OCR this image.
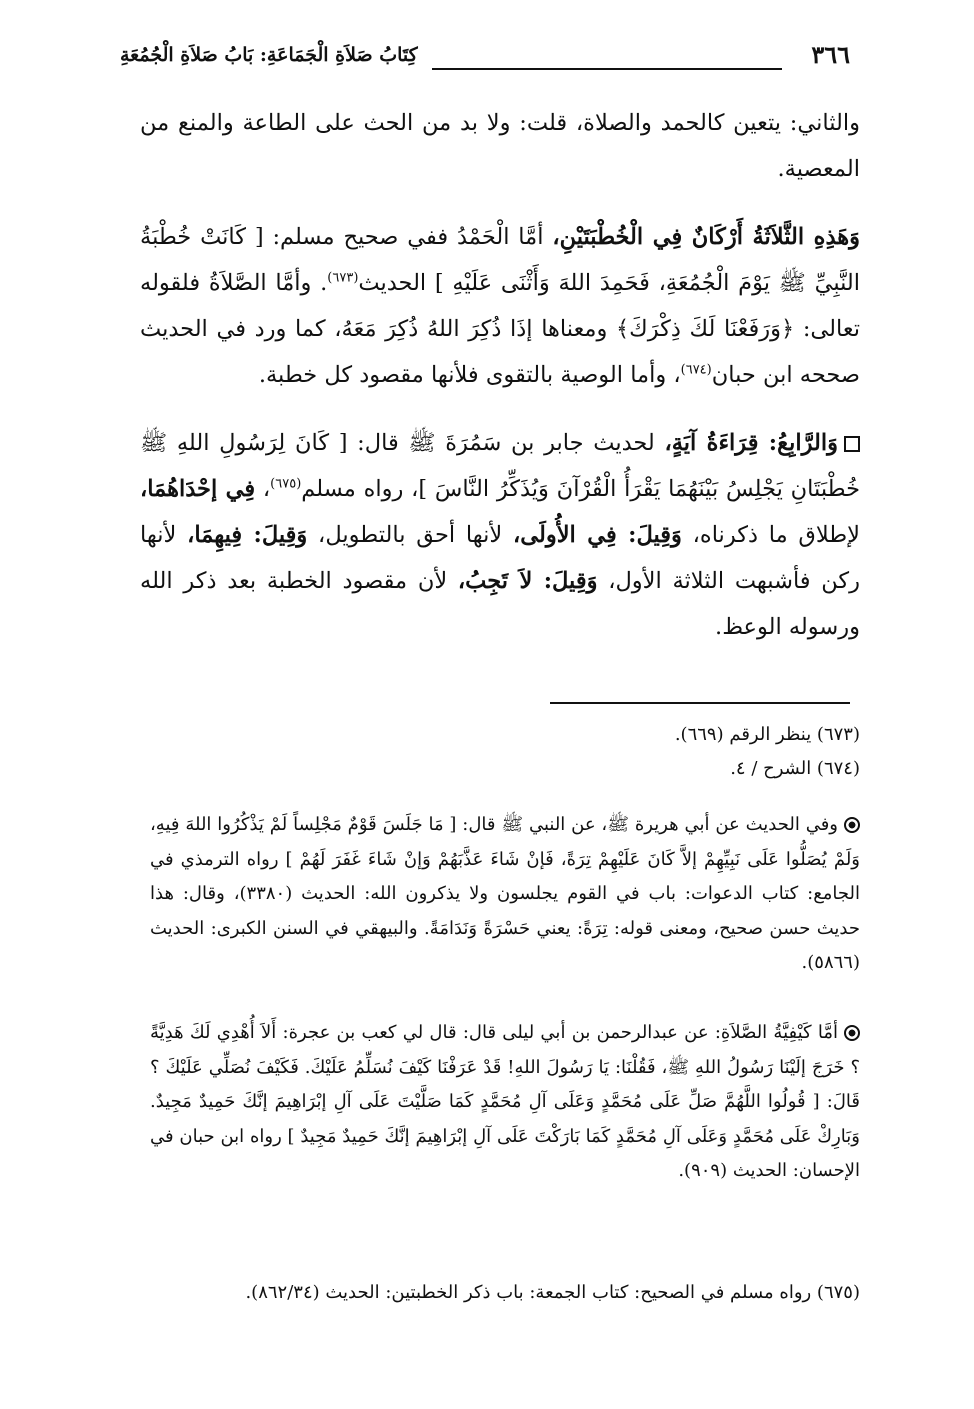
٣٦٦
كِتَابُ صَلاَةِ الْجَمَاعَةِ: بَابُ صَلاَةِ الْجُمُعَةِ

والثاني: يتعين كالحمد والصلاة، قلت: ولا بد من الحث على الطاعة والمنع من المعصية.

وَهَذِهِ الثَّلاَثَةُ أَرْكَانٌ فِي الْخُطْبَتَيْنِ، أمَّا الْحَمْدُ ففي صحيح مسلم: [ كَانَتْ خُطْبَةُ النَّبِيِّ ﷺ يَوْمَ الْجُمُعَةِ، فَحَمِدَ اللهَ وَأَثْنَى عَلَيْهِ ] الحديث$^{(٦٧٣)}$. وأمَّا الصَّلاَةُ فلقوله تعالى: ﴿وَرَفَعْنَا لَكَ ذِكْرَكَ﴾ ومعناها إذَا ذُكِرَ اللهُ ذُكِرَ مَعَهُ، كما ورد في الحديث صححه ابن حبان$^{(٦٧٤)}$، وأما الوصية بالتقوى فلأنها مقصود كل خطبة.

وَالرَّابِعُ: قِرَاءَةُ آيَةٍ، لحديث جابر بن سَمُرَةَ ﷺ قال: [ كَانَ لِرَسُولِ اللهِ ﷺ خُطْبَتَانِ يَجْلِسُ بَيْنَهُمَا يَقْرَأُ الْقُرْآنَ وَيُذَكِّرُ النَّاسَ ]، رواه مسلم$^{(٦٧٥)}$، فِي إحْدَاهُمَا، لإطلاق ما ذكرناه، وَقِيلَ: فِي الأُولَى، لأنها أحق بالتطويل، وَقِيلَ: فِيهِمَا، لأنها ركن فأشبهت الثلاثة الأول، وَقِيلَ: لاَ تَجِبُ، لأن مقصود الخطبة بعد ذكر الله ورسوله الوعظ.

(٦٧٣) ينظر الرقم (٦٦٩).

(٦٧٤) الشرح / ٤.

وفي الحديث عن أبي هريرة ﷺ، عن النبي ﷺ قال: [ مَا جَلَسَ قَوْمٌ مَجْلِساً لَمْ يَذْكُرُوا اللهَ فِيهِ، وَلَمْ يُصَلُّوا عَلَى نَبِيِّهِمْ إلاَّ كَانَ عَلَيْهِمْ تِرَةً، فَإنْ شَاءَ عَذَّبَهُمْ وَإنْ شَاءَ غَفَرَ لَهُمْ ] رواه الترمذي في الجامع: كتاب الدعوات: باب في القوم يجلسون ولا يذكرون الله: الحديث (٣٣٨٠)، وقال: هذا حديث حسن صحيح، ومعنى قوله: تِرَةً: يعني حَسْرَةً وَنَدَامَةً. والبيهقي في السنن الكبرى: الحديث (٥٨٦٦).
أمَّا كَيْفِيَّةُ الصَّلاَةِ: عن عبدالرحمن بن أبي ليلى قال: قال لي كعب بن عجرة: أَلاَ أُهْدِي لَكَ هَدِيَّةً ؟ خَرَجَ إلَيْنَا رَسُولُ اللهِ ﷺ، فَقُلْنَا: يَا رَسُولَ اللهِ! قَدْ عَرَفْنَا كَيْفَ نُسَلِّمُ عَلَيْكَ. فَكَيْفَ نُصَلِّي عَلَيْكَ ؟ قَالَ: [ قُولُوا اللَّهُمَّ صَلِّ عَلَى مُحَمَّدٍ وَعَلَى آلِ مُحَمَّدٍ كَمَا صَلَّيْتَ عَلَى آلِ إبْرَاهِيمَ إنَّكَ حَمِيدٌ مَجِيدٌ. وَبَارِكْ عَلَى مُحَمَّدٍ وَعَلَى آلِ مُحَمَّدٍ كَمَا بَارَكْتَ عَلَى آلِ إبْرَاهِيمَ إنَّكَ حَمِيدٌ مَجِيدٌ ] رواه ابن حبان في الإحسان: الحديث (٩٠٩).
(٦٧٥) رواه مسلم في الصحيح: كتاب الجمعة: باب ذكر الخطبتين: الحديث (٨٦٢/٣٤).
